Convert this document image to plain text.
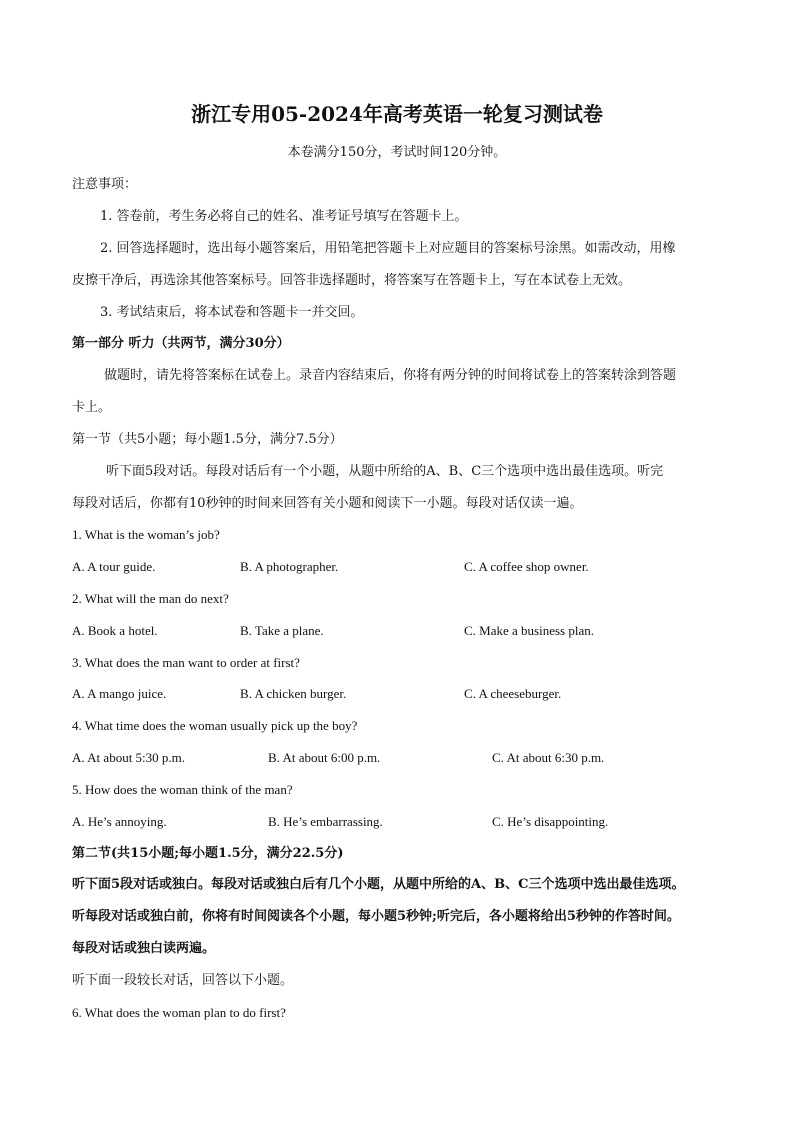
浙江专用05-2024年高考英语一轮复习测试卷
本卷满分150分，考试时间120分钟。
注意事项：
1. 答卷前，考生务必将自己的姓名、准考证号填写在答题卡上。
2. 回答选择题时，选出每小题答案后，用铅笔把答题卡上对应题目的答案标号涂黑。如需改动，用橡
皮擦干净后，再选涂其他答案标号。回答非选择题时，将答案写在答题卡上，写在本试卷上无效。
3. 考试结束后，将本试卷和答题卡一并交回。
第一部分 听力（共两节，满分30分）
做题时，请先将答案标在试卷上。录音内容结束后，你将有两分钟的时间将试卷上的答案转涂到答题
卡上。
第一节（共5小题；每小题1.5分，满分7.5分）
听下面5段对话。每段对话后有一个小题，从题中所给的A、B、C三个选项中选出最佳选项。听完
每段对话后，你都有10秒钟的时间来回答有关小题和阅读下一小题。每段对话仅读一遍。
1. What is the woman’s job?
A. A tour guide.	B. A photographer.	C. A coffee shop owner.
2. What will the man do next?
A. Book a hotel.	B. Take a plane.	C. Make a business plan.
3. What does the man want to order at first?
A. A mango juice.	B. A chicken burger.	C. A cheeseburger.
4. What time does the woman usually pick up the boy?
A. At about 5:30 p.m.	B. At about 6:00 p.m.	C. At about 6:30 p.m.
5. How does the woman think of the man?
A. He’s annoying.	B. He’s embarrassing.	C. He’s disappointing.
第二节(共15小题;每小题1.5分，满分22.5分)
听下面5段对话或独白。每段对话或独白后有几个小题，从题中所给的A、B、C三个选项中选出最佳选项。
听每段对话或独白前，你将有时间阅读各个小题，每小题5秒钟;听完后，各小题将给出5秒钟的作答时间。
每段对话或独白读两遍。
听下面一段较长对话，回答以下小题。
6. What does the woman plan to do first?
